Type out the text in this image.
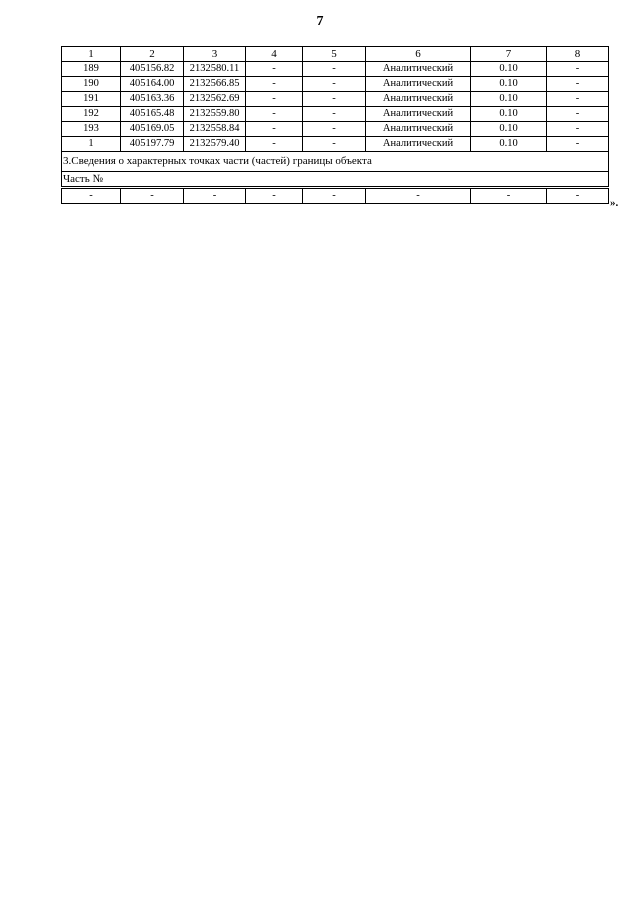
7
1	2	3	4	5	6	7	8
189	405156.82	2132580.11	-	-	Аналитический	0.10	-
190	405164.00	2132566.85	-	-	Аналитический	0.10	-
191	405163.36	2132562.69	-	-	Аналитический	0.10	-
192	405165.48	2132559.80	-	-	Аналитический	0.10	-
193	405169.05	2132558.84	-	-	Аналитический	0.10	-
1	405197.79	2132579.40	-	-	Аналитический	0.10	-
3.Сведения о характерных точках части (частей) границы объекта							
Часть №							
-	-	-	-	-	-	-	-
».
